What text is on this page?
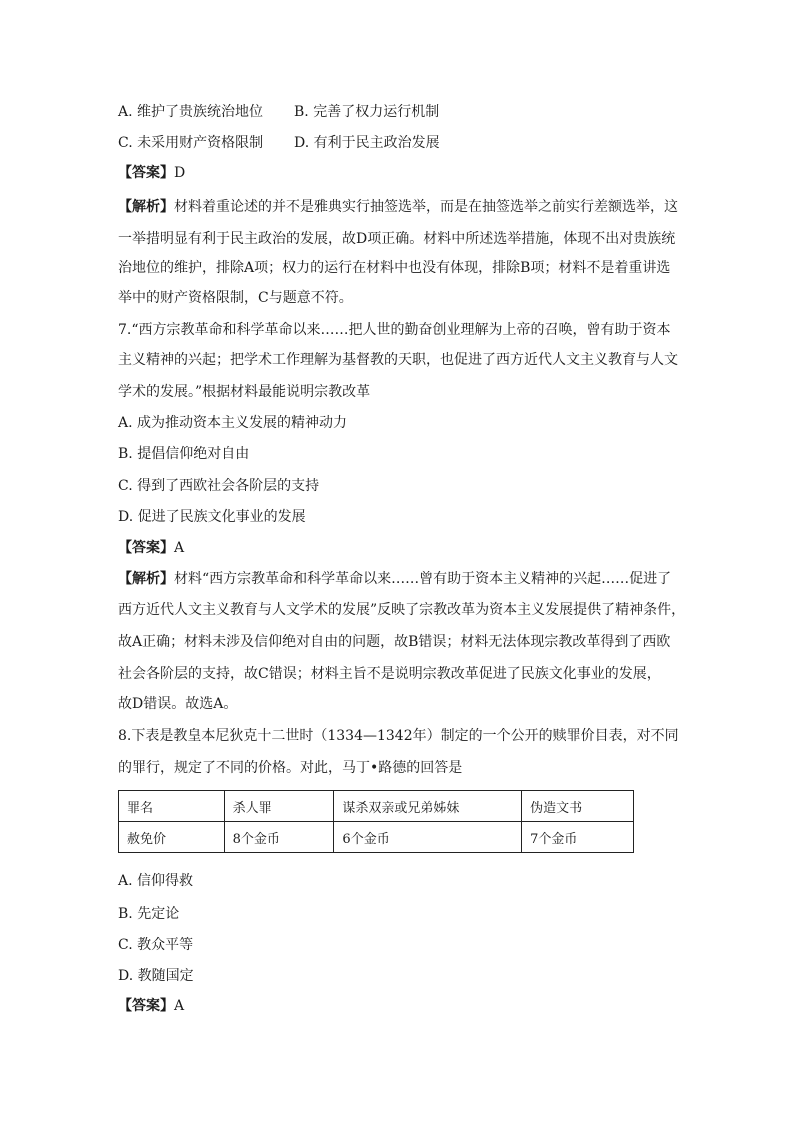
A. 维护了贵族统治地位 B. 完善了权力运行机制
C. 未采用财产资格限制 D. 有利于民主政治发展
【答案】D
【解析】材料着重论述的并不是雅典实行抽签选举，而是在抽签选举之前实行差额选举，这
一举措明显有利于民主政治的发展，故D项正确。材料中所述选举措施，体现不出对贵族统
治地位的维护，排除A项；权力的运行在材料中也没有体现，排除B项；材料不是着重讲选
举中的财产资格限制，C与题意不符。
7.“西方宗教革命和科学革命以来……把人世的勤奋创业理解为上帝的召唤，曾有助于资本
主义精神的兴起；把学术工作理解为基督教的天职，也促进了西方近代人文主义教育与人文
学术的发展。”根据材料最能说明宗教改革
A. 成为推动资本主义发展的精神动力
B. 提倡信仰绝对自由
C. 得到了西欧社会各阶层的支持
D. 促进了民族文化事业的发展
【答案】A
【解析】材料“西方宗教革命和科学革命以来……曾有助于资本主义精神的兴起……促进了
西方近代人文主义教育与人文学术的发展”反映了宗教改革为资本主义发展提供了精神条件，
故A正确；材料未涉及信仰绝对自由的问题，故B错误；材料无法体现宗教改革得到了西欧
社会各阶层的支持，故C错误；材料主旨不是说明宗教改革促进了民族文化事业的发展，
故D错误。故选A。
8.下表是教皇本尼狄克十二世时（1334—1342年）制定的一个公开的赎罪价目表，对不同
的罪行，规定了不同的价格。对此，马丁•路德的回答是
罪名	杀人罪	谋杀双亲或兄弟姊妹	伪造文书
赦免价	8个金币	6个金币	7个金币
A. 信仰得救
B. 先定论
C. 教众平等
D. 教随国定
【答案】A
